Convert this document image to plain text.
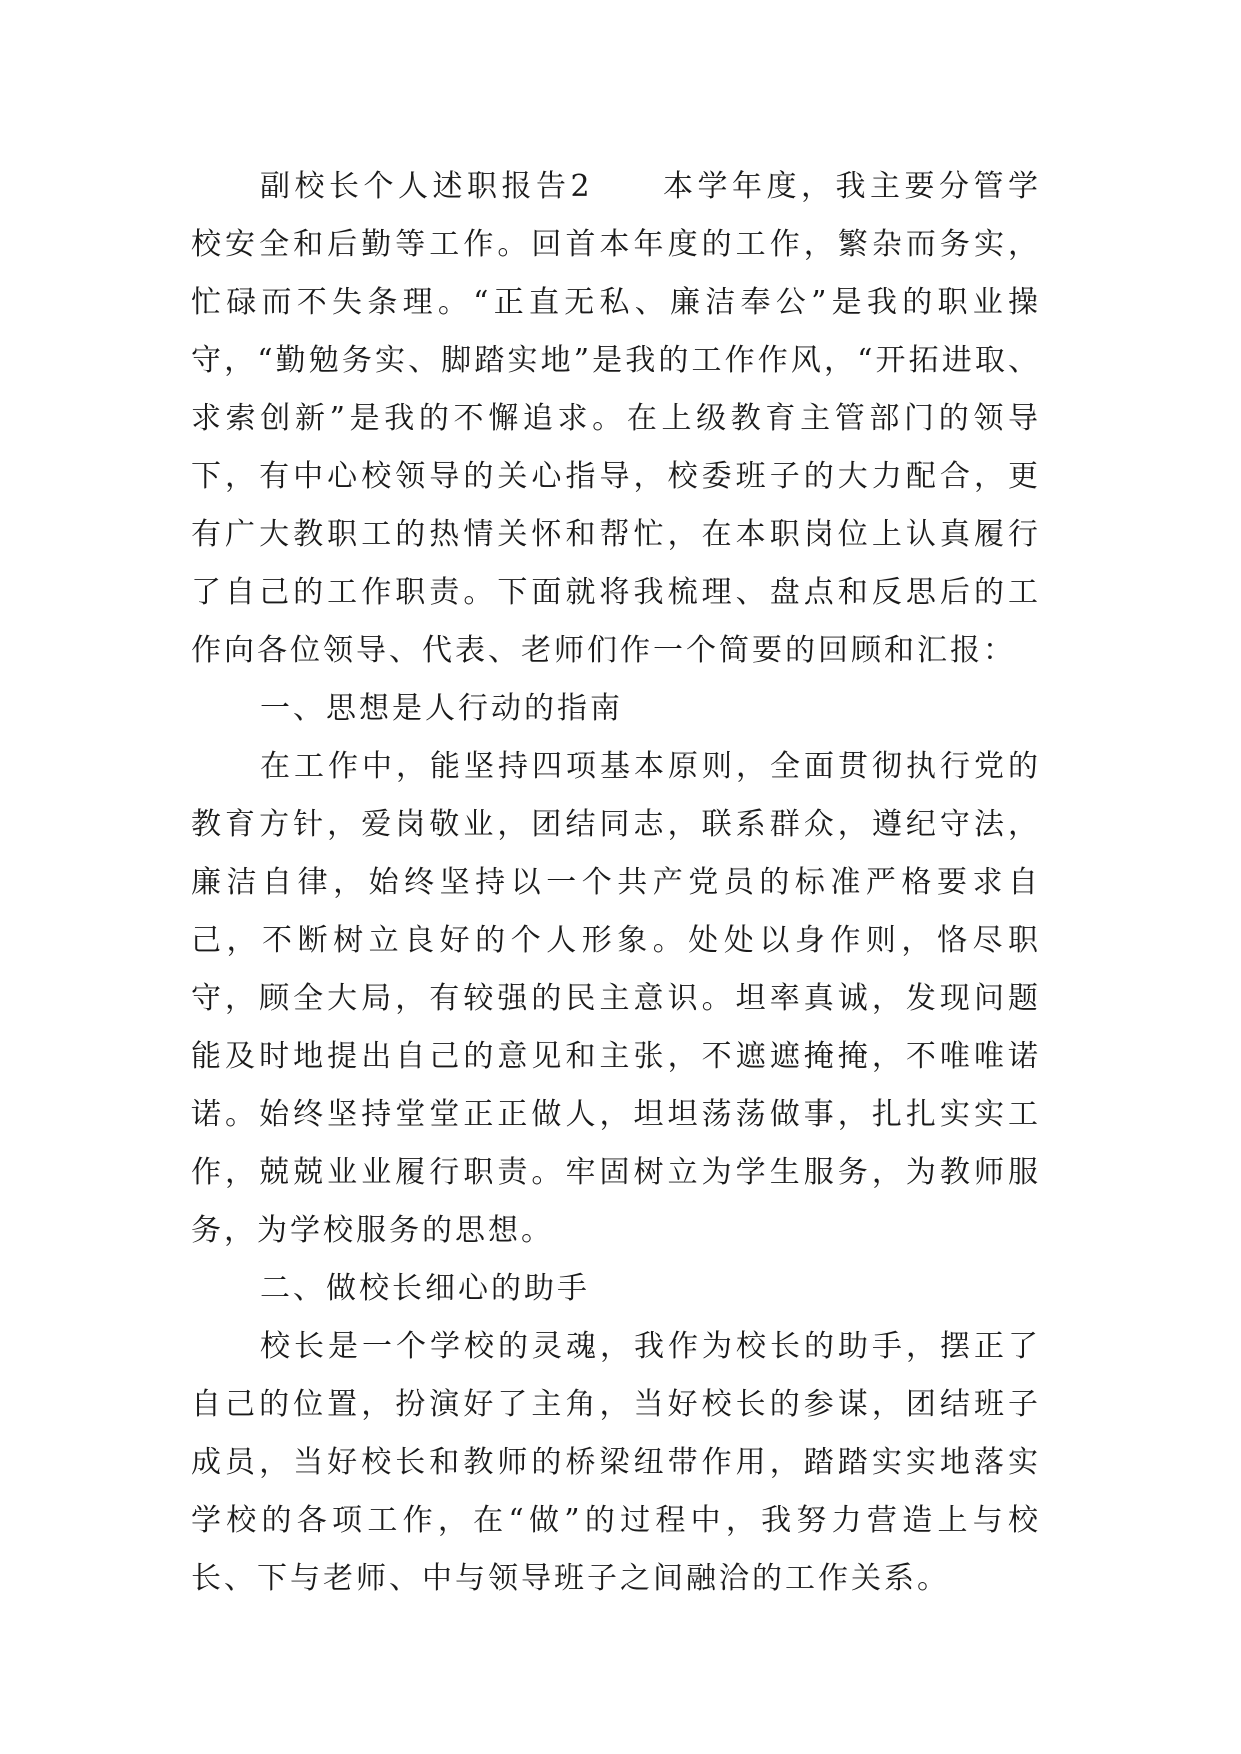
副校长个人述职报告2　　本学年度，我主要分管学校安全和后勤等工作。回首本年度的工作，繁杂而务实，忙碌而不失条理。“正直无私、廉洁奉公”是我的职业操守，“勤勉务实、脚踏实地”是我的工作作风，“开拓进取、求索创新”是我的不懈追求。在上级教育主管部门的领导下，有中心校领导的关心指导，校委班子的大力配合，更有广大教职工的热情关怀和帮忙，在本职岗位上认真履行了自己的工作职责。下面就将我梳理、盘点和反思后的工作向各位领导、代表、老师们作一个简要的回顾和汇报：

一、思想是人行动的指南

在工作中，能坚持四项基本原则，全面贯彻执行党的教育方针，爱岗敬业，团结同志，联系群众，遵纪守法，廉洁自律，始终坚持以一个共产党员的标准严格要求自己，不断树立良好的个人形象。处处以身作则，恪尽职守，顾全大局，有较强的民主意识。坦率真诚，发现问题能及时地提出自己的意见和主张，不遮遮掩掩，不唯唯诺诺。始终坚持堂堂正正做人，坦坦荡荡做事，扎扎实实工作，兢兢业业履行职责。牢固树立为学生服务，为教师服务，为学校服务的思想。

二、做校长细心的助手

校长是一个学校的灵魂，我作为校长的助手，摆正了自己的位置，扮演好了主角，当好校长的参谋，团结班子成员，当好校长和教师的桥梁纽带作用，踏踏实实地落实学校的各项工作，在“做”的过程中，我努力营造上与校长、下与老师、中与领导班子之间融洽的工作关系。
